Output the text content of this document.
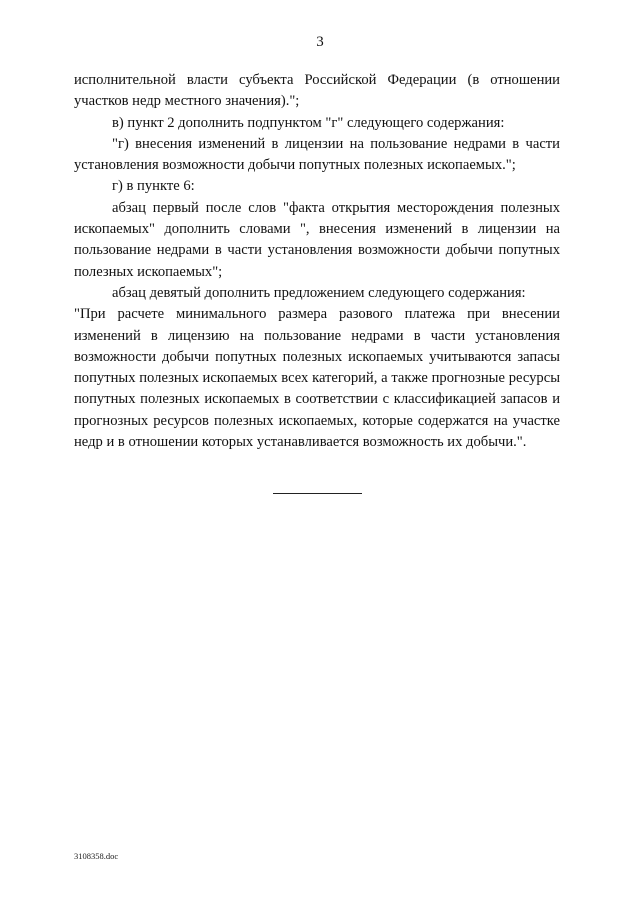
3

исполнительной власти субъекта Российской Федерации (в отношении участков недр местного значения).";

в) пункт 2 дополнить подпунктом "г" следующего содержания:

"г) внесения изменений в лицензии на пользование недрами в части установления возможности добычи попутных полезных ископаемых.";

г) в пункте 6:

абзац первый после слов "факта открытия месторождения полезных ископаемых" дополнить словами ", внесения изменений в лицензии на пользование недрами в части установления возможности добычи попутных полезных ископаемых";

абзац девятый дополнить предложением следующего содержания:

"При расчете минимального размера разового платежа при внесении изменений в лицензию на пользование недрами в части установления возможности добычи попутных полезных ископаемых учитываются запасы попутных полезных ископаемых всех категорий, а также прогнозные ресурсы попутных полезных ископаемых в соответствии с классификацией запасов и прогнозных ресурсов полезных ископаемых, которые содержатся на участке недр и в отношении которых устанавливается возможность их добычи.".

3108358.doc
